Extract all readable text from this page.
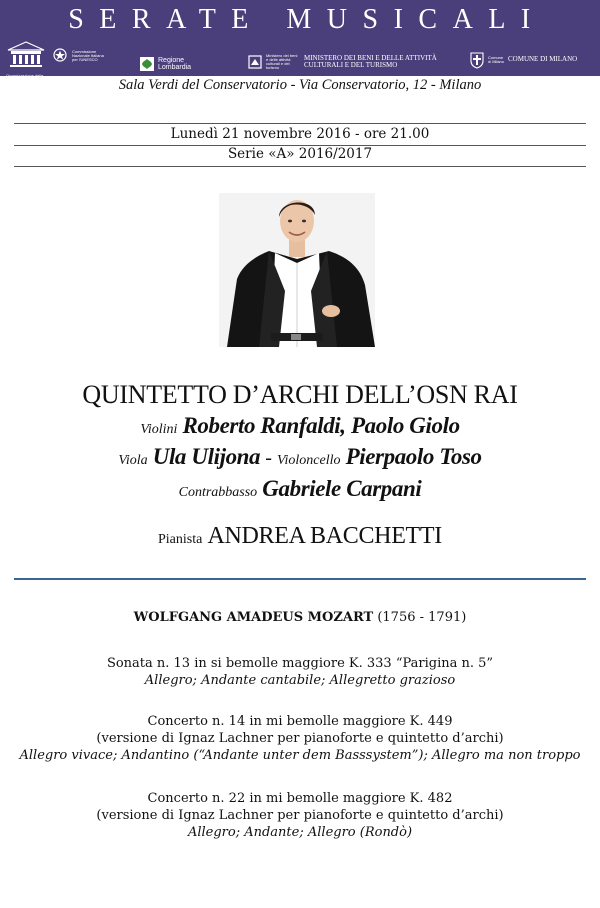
SERATE MUSICALI
Organizzazione delle Nazioni Unite per l'Educazione, la Scienza e la Cultura
Commissione Nazionale Italiana per l'UNESCO	Regione Lombardia
Ministero dei beni e delle attività culturali e del turismo
MINISTERO DEI BENI E DELLE ATTIVITÀ CULTURALI E DEL TURISMO
Comune di Milano COMUNE DI MILANO
Sala Verdi del Conservatorio - Via Conservatorio, 12 - Milano
Lunedì 21 novembre 2016 - ore 21.00
Serie «A» 2016/2017
QUINTETTO D’ARCHI DELL’OSN RAI
Violini Roberto Ranfaldi, Paolo Giolo
Viola Ula Ulijona - Violoncello Pierpaolo Toso
Contrabbasso Gabriele Carpani
Pianista ANDREA BACCHETTI
WOLFGANG AMADEUS MOZART (1756 - 1791)
Sonata n. 13 in si bemolle maggiore K. 333 “Parigina n. 5”
Allegro; Andante cantabile; Allegretto grazioso
Concerto n. 14 in mi bemolle maggiore K. 449
(versione di Ignaz Lachner per pianoforte e quintetto d’archi)
Allegro vivace; Andantino (“Andante unter dem Basssystem”); Allegro ma non troppo
Concerto n. 22 in mi bemolle maggiore K. 482
(versione di Ignaz Lachner per pianoforte e quintetto d’archi)
Allegro; Andante; Allegro (Rondò)
